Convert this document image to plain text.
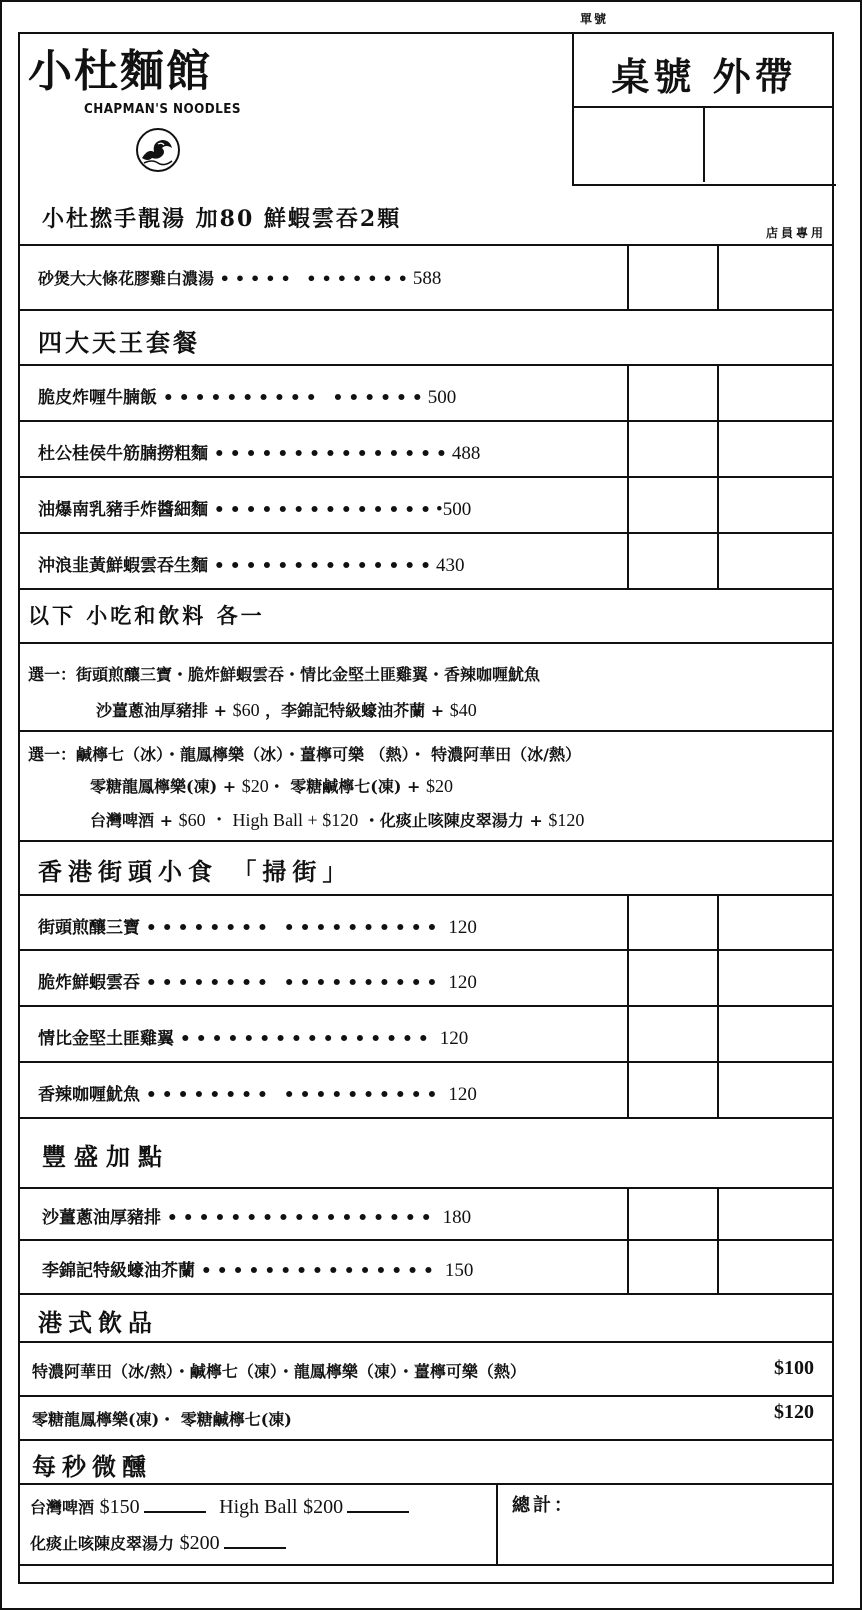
單號
小杜麵館
CHAPMAN'S NOODLES
桌號 外帶
小杜撚手靚湯 加80 鮮蝦雲吞2顆
店員專用
砂煲大大條花膠雞白濃湯 ••••• •••••••588
四大天王套餐
脆皮炸喱牛腩飯 •••••••••• ••••••500
杜公桂侯牛筋腩撈粗麵 •••••••••••••••488
油爆南乳豬手炸醬細麵 •••••••••••••••500
沖浪韭黃鮮蝦雲吞生麵 ••••••••••••••430
以下 小吃和飲料 各一
選一：街頭煎釀三寶・脆炸鮮蝦雲吞・情比金堅土匪雞翼・香辣咖喱魷魚
沙薑蔥油厚豬排 + $60 ，李錦記特級蠔油芥蘭 + $40
選一：鹹檸七（冰）・龍鳳檸樂（冰）・薑檸可樂 （熱）・ 特濃阿華田（冰/熱）
零糖龍鳳檸樂(凍) + $20・ 零糖鹹檸七(凍) + $20
台灣啤酒 + $60 ・ High Ball + $120 ・化痰止咳陳皮翠湯力 + $120
香港街頭小食 「掃街」
街頭煎釀三寶 •••••••• •••••••••• 120
脆炸鮮蝦雲吞 •••••••• •••••••••• 120
情比金堅土匪雞翼 •••••••••••••••• 120
香辣咖喱魷魚 •••••••• •••••••••• 120
豐盛加點
沙薑蔥油厚豬排 ••••••••••••••••• 180
李錦記特級蠔油芥蘭 ••••••••••••••• 150
港式飲品
特濃阿華田（冰/熱）・鹹檸七（凍）・龍鳳檸樂（凍）・薑檸可樂（熱）	$100
零糖龍鳳檸樂(凍)・ 零糖鹹檸七(凍)	$120
每秒微醺
台灣啤酒 $150	High Ball $200
化痰止咳陳皮翠湯力 $200
總計：
